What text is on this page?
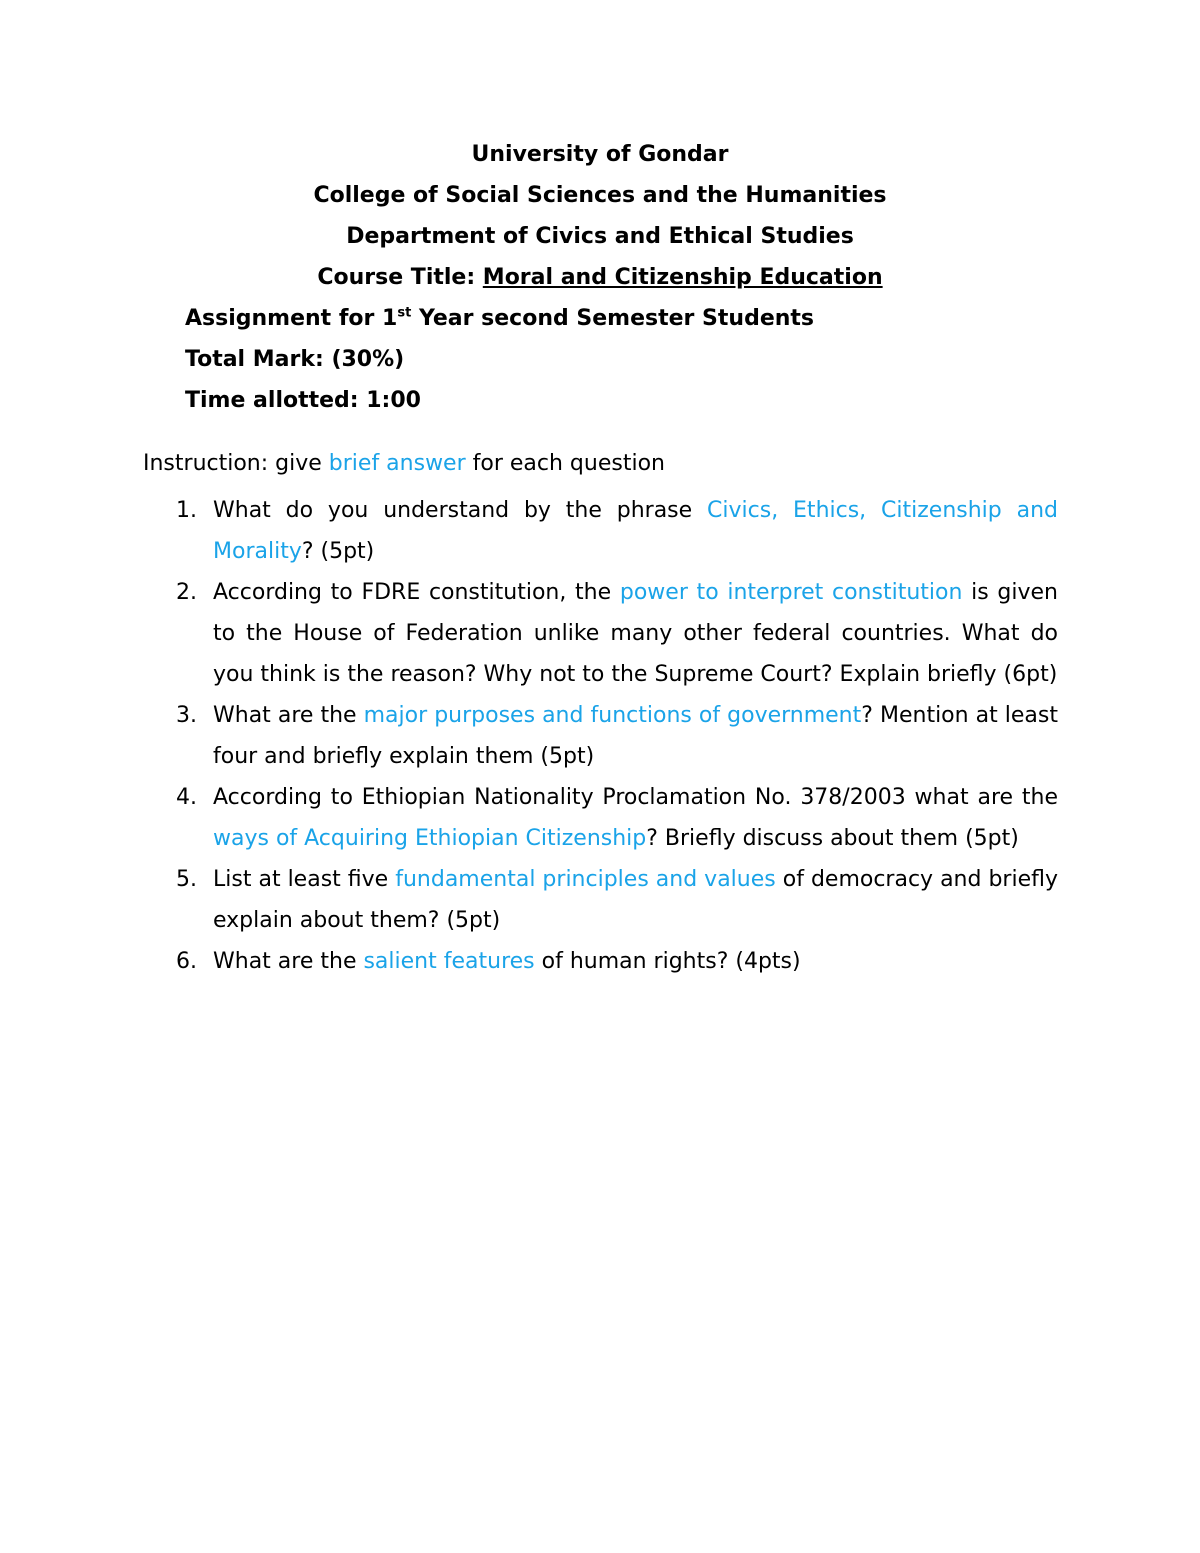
University of Gondar
College of Social Sciences and the Humanities
Department of Civics and Ethical Studies
Course Title: Moral and Citizenship Education
Assignment for 1st Year second Semester Students
Total Mark: (30%)
Time allotted: 1:00
Instruction: give brief answer for each question
1. What do you understand by the phrase Civics, Ethics, Citizenship and Morality? (5pt)
2. According to FDRE constitution, the power to interpret constitution is given to the House of Federation unlike many other federal countries. What do you think is the reason? Why not to the Supreme Court? Explain briefly (6pt)
3. What are the major purposes and functions of government? Mention at least four and briefly explain them (5pt)
4. According to Ethiopian Nationality Proclamation No. 378/2003 what are the ways of Acquiring Ethiopian Citizenship? Briefly discuss about them (5pt)
5. List at least five fundamental principles and values of democracy and briefly explain about them? (5pt)
6. What are the salient features of human rights? (4pts)
